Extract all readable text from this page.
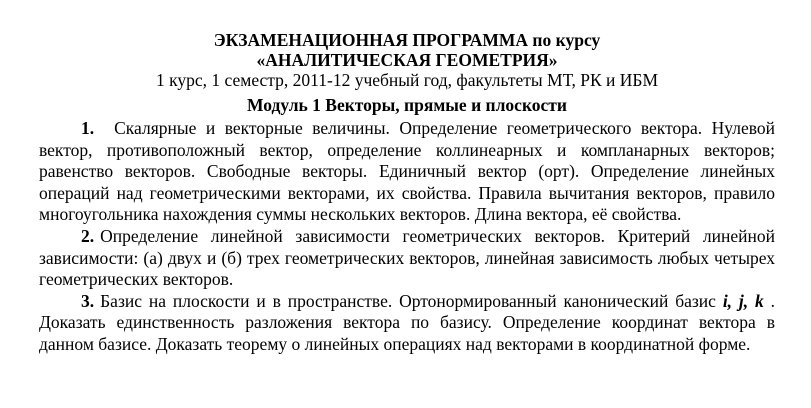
ЭКЗАМЕНАЦИОННАЯ ПРОГРАММА по курсу

«АНАЛИТИЧЕСКАЯ ГЕОМЕТРИЯ»

1 курс, 1 семестр, 2011-12 учебный год, факультеты МТ, РК и ИБМ

Модуль 1 Векторы, прямые и плоскости

1. Скалярные и векторные величины. Определение геометрического вектора. Нулевой вектор, противоположный вектор, определение коллинеарных и компланарных векторов; равенство векторов. Свободные векторы. Единичный вектор (орт). Определение линейных операций над геометрическими векторами, их свойства. Правила вычитания векторов, правило многоугольника нахождения суммы нескольких векторов. Длина вектора, её свойства.

2. Определение линейной зависимости геометрических векторов. Критерий линейной зависимости: (а) двух и (б) трех геометрических векторов, линейная зависимость любых четырех геометрических векторов.

3. Базис на плоскости и в пространстве. Ортонормированный канонический базис i, j, k . Доказать единственность разложения вектора по базису. Определение координат вектора в данном базисе. Доказать теорему о линейных операциях над векторами в координатной форме.
